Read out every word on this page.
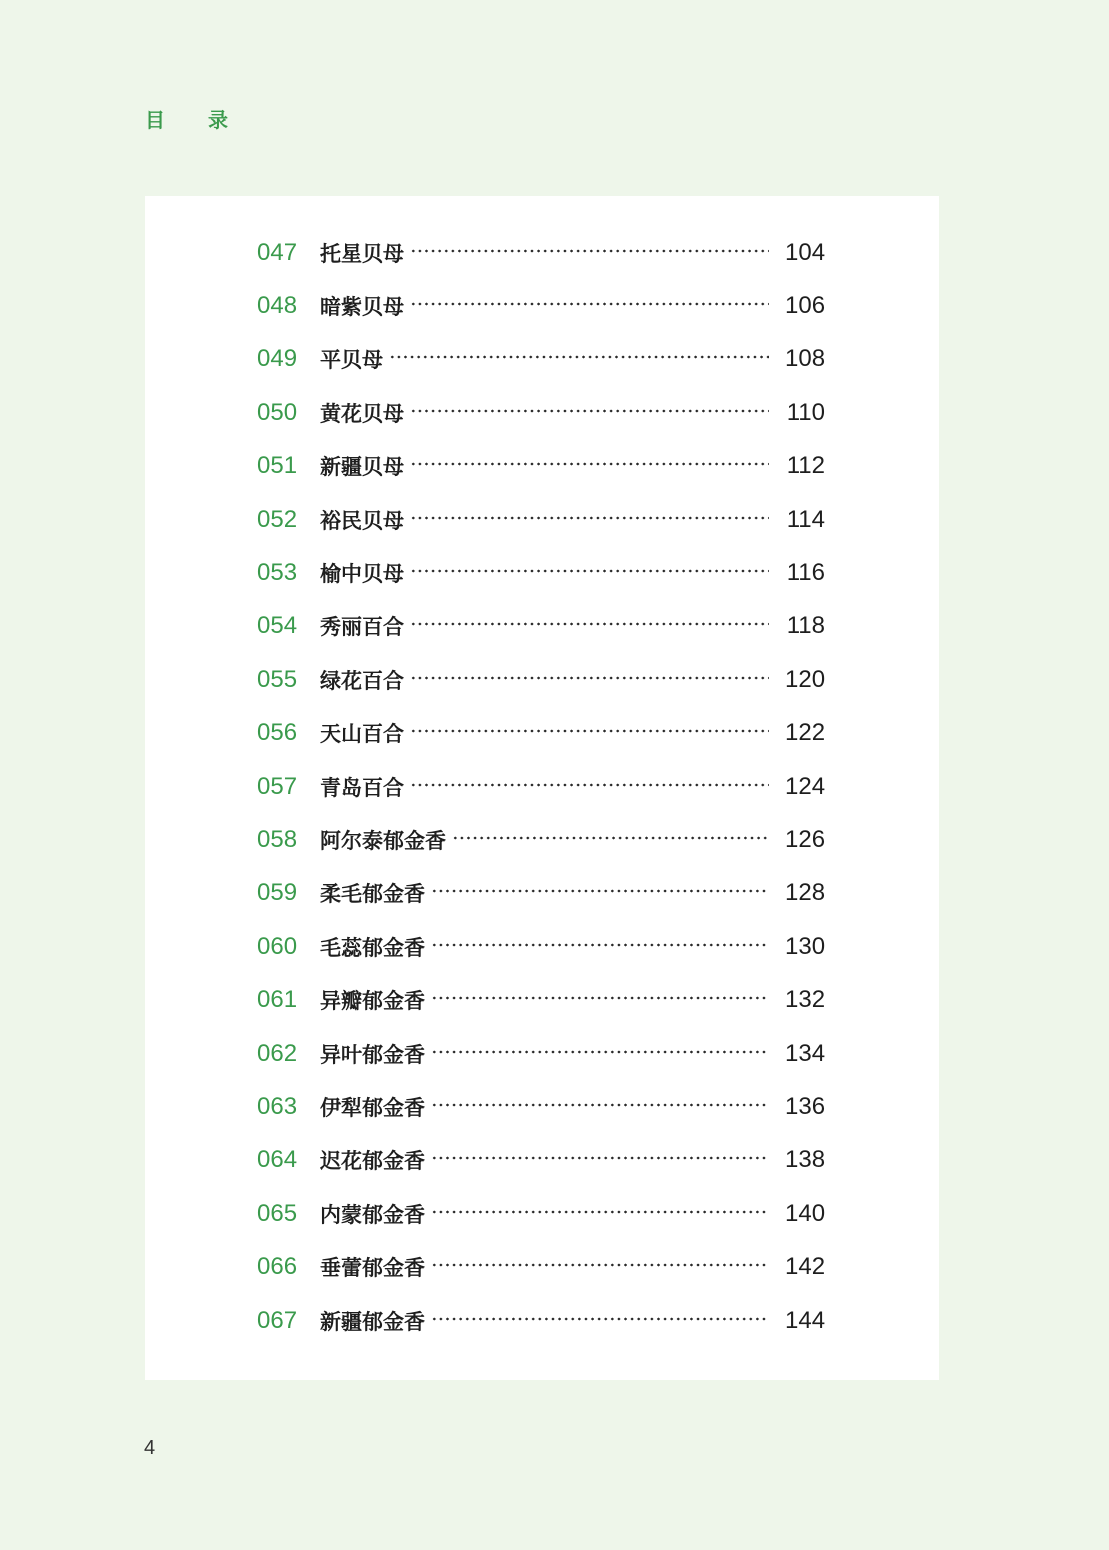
目 录
047	托星贝母	104
048	暗紫贝母	106
049	平贝母	108
050	黄花贝母	110
051	新疆贝母	112
052	裕民贝母	114
053	榆中贝母	116
054	秀丽百合	118
055	绿花百合	120
056	天山百合	122
057	青岛百合	124
058	阿尔泰郁金香	126
059	柔毛郁金香	128
060	毛蕊郁金香	130
061	异瓣郁金香	132
062	异叶郁金香	134
063	伊犁郁金香	136
064	迟花郁金香	138
065	内蒙郁金香	140
066	垂蕾郁金香	142
067	新疆郁金香	144
4
